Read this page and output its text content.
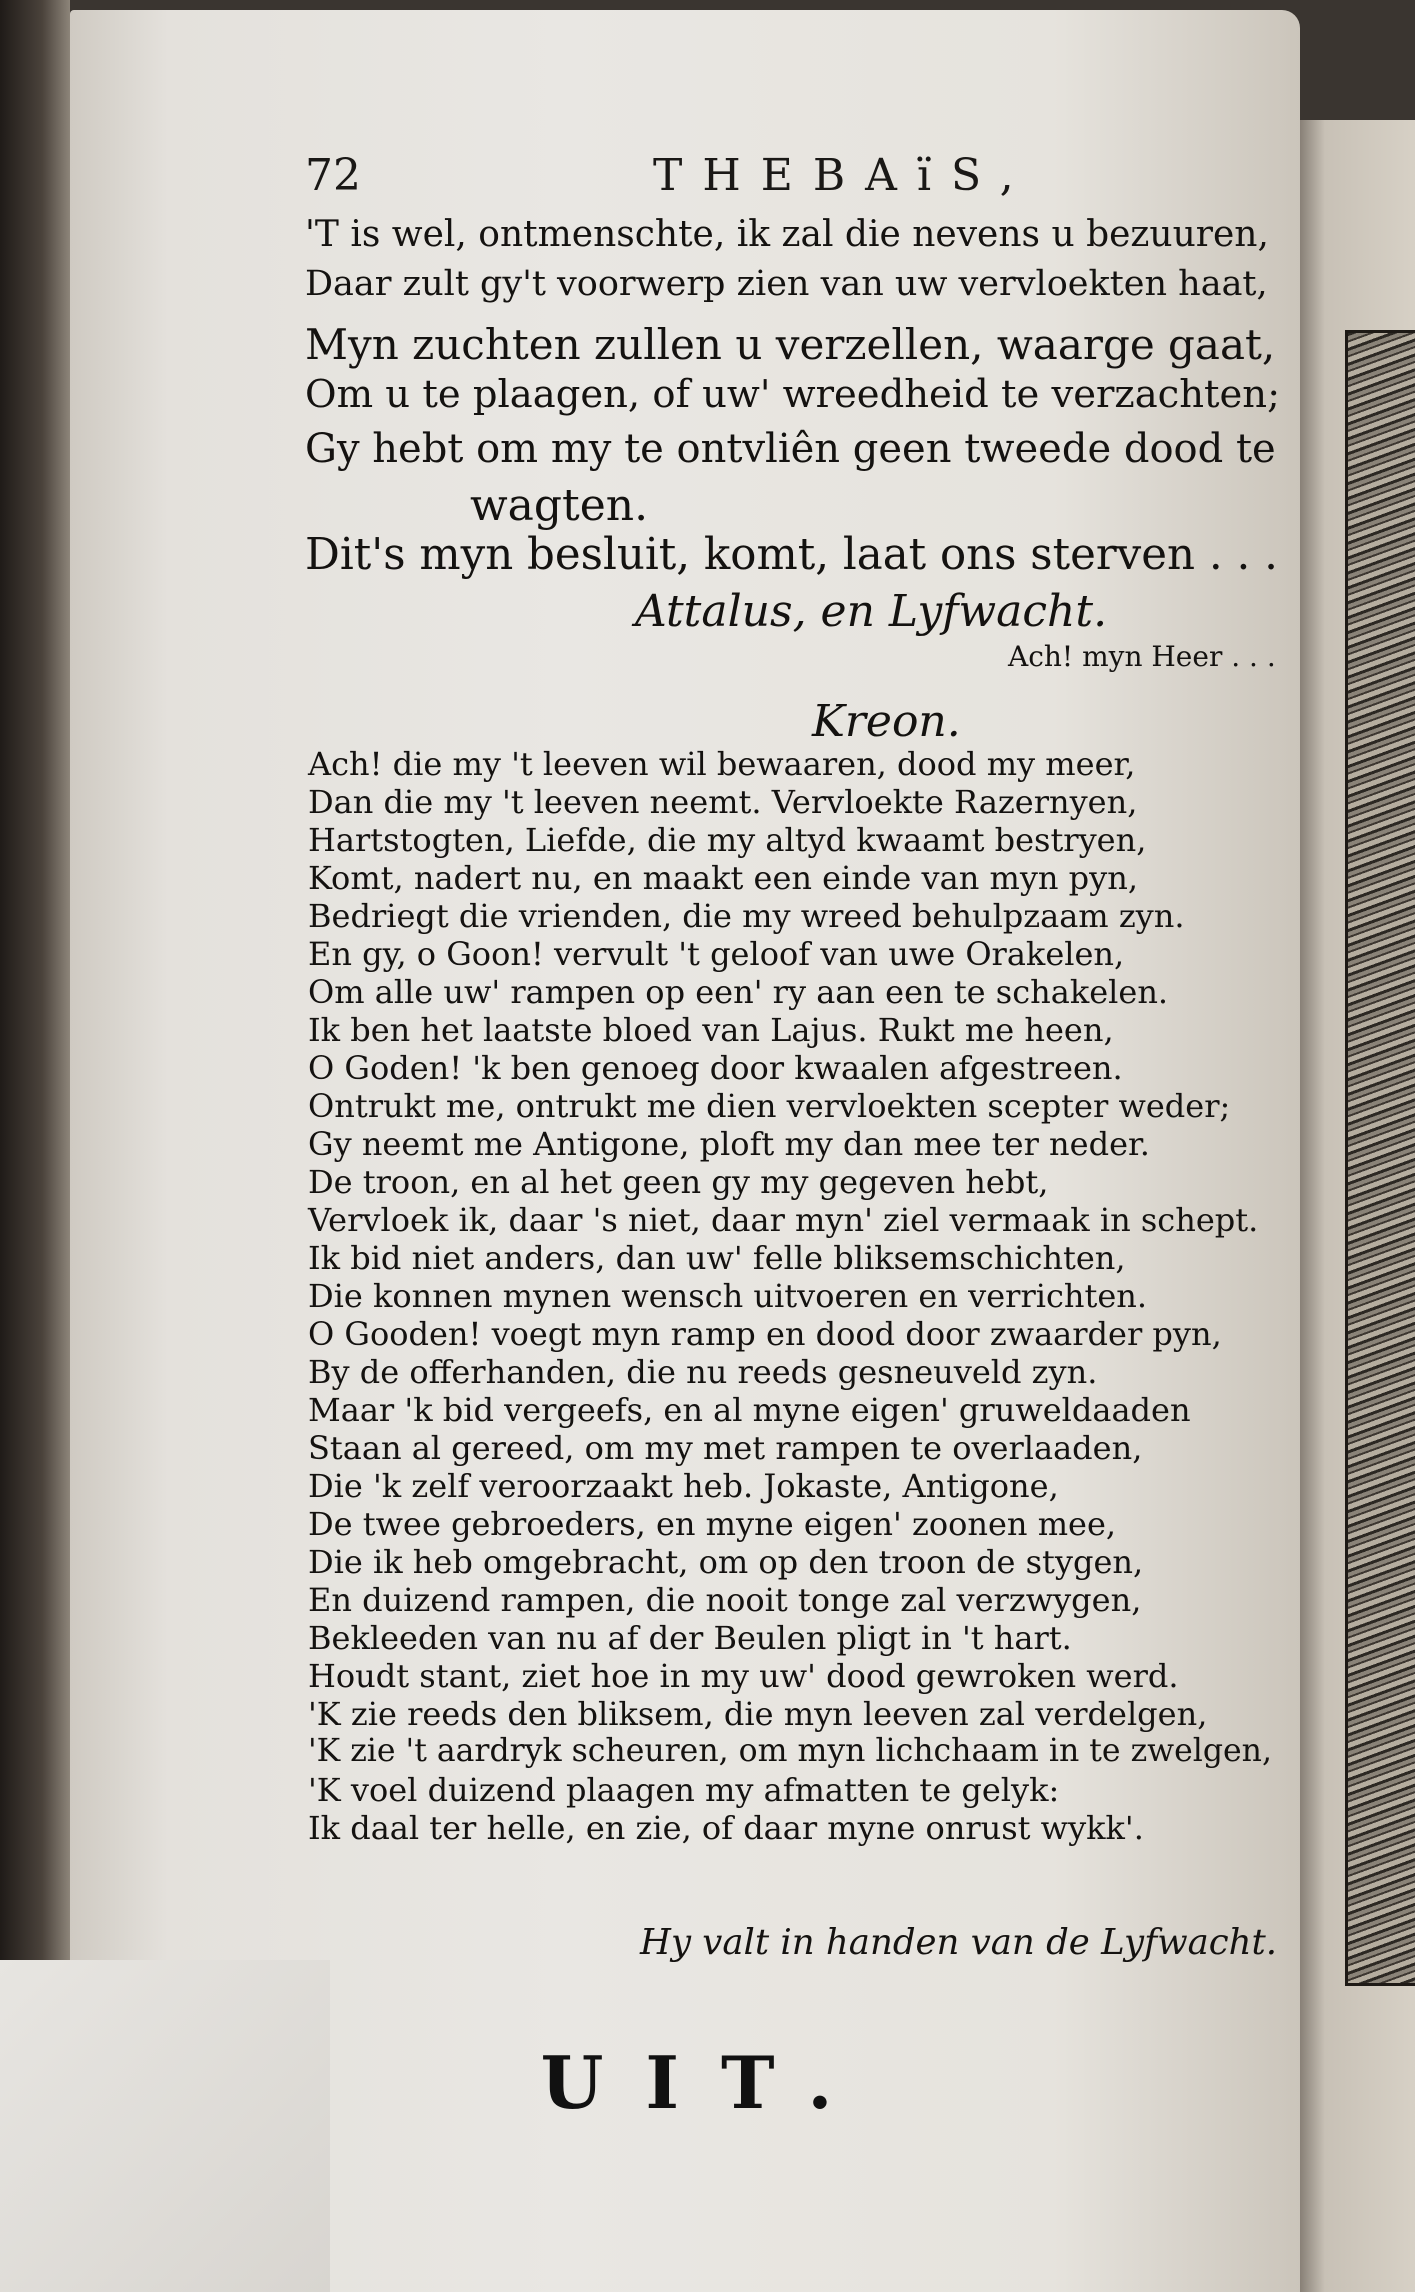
72	THEBAïS,

'T is wel, ontmenschte, ik zal die nevens u bezuuren,

Daar zult gy't voorwerp zien van uw vervloekten haat,

Myn zuchten zullen u verzellen, waarge gaat,

Om u te plaagen, of uw' wreedheid te verzachten;

Gy hebt om my te ontvliên geen tweede dood te

wagten.

Dit's myn besluit, komt, laat ons sterven . . .

Attalus, en Lyfwacht.

Ach! myn Heer . . .

Kreon.

Ach! die my 't leeven wil bewaaren, dood my meer,

Dan die my 't leeven neemt. Vervloekte Razernyen,

Hartstogten, Liefde, die my altyd kwaamt bestryen,

Komt, nadert nu, en maakt een einde van myn pyn,

Bedriegt die vrienden, die my wreed behulpzaam zyn.

En gy, o Goon! vervult 't geloof van uwe Orakelen,

Om alle uw' rampen op een' ry aan een te schakelen.

Ik ben het laatste bloed van Lajus. Rukt me heen,

O Goden! 'k ben genoeg door kwaalen afgestreen.

Ontrukt me, ontrukt me dien vervloekten scepter weder;

Gy neemt me Antigone, ploft my dan mee ter neder.

De troon, en al het geen gy my gegeven hebt,

Vervloek ik, daar 's niet, daar myn' ziel vermaak in schept.

Ik bid niet anders, dan uw' felle bliksemschichten,

Die konnen mynen wensch uitvoeren en verrichten.

O Gooden! voegt myn ramp en dood door zwaarder pyn,

By de offerhanden, die nu reeds gesneuveld zyn.

Maar 'k bid vergeefs, en al myne eigen' gruweldaaden

Staan al gereed, om my met rampen te overlaaden,

Die 'k zelf veroorzaakt heb. Jokaste, Antigone,

De twee gebroeders, en myne eigen' zoonen mee,

Die ik heb omgebracht, om op den troon de stygen,

En duizend rampen, die nooit tonge zal verzwygen,

Bekleeden van nu af der Beulen pligt in 't hart.

Houdt stant, ziet hoe in my uw' dood gewroken werd.

'K zie reeds den bliksem, die myn leeven zal verdelgen,

'K zie 't aardryk scheuren, om myn lichchaam in te zwelgen,

'K voel duizend plaagen my afmatten te gelyk:

Ik daal ter helle, en zie, of daar myne onrust wykk'.

Hy valt in handen van de Lyfwacht.

UIT.
